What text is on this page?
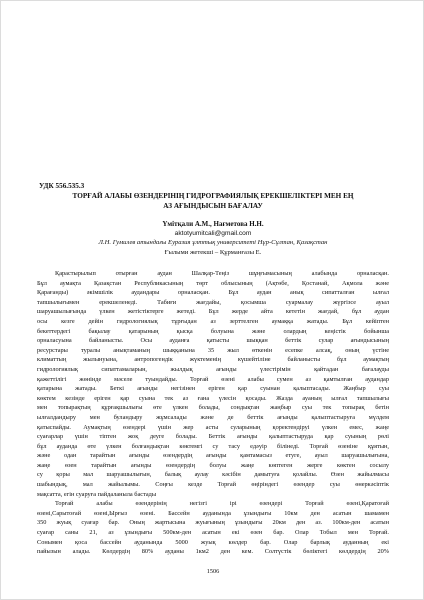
УДК 556.535.3
ТОРҒАЙ АЛАБЫ ӨЗЕНДЕРІНІҢ ГИДРОГРАФИЯЛЫҚ ЕРЕКШЕЛІКТЕРІ МЕН ЕҢ
АЗ АҒЫНДЫСЫН БАҒАЛАУ
Үмітқали А.М., Нағметова Н.Н.
aktotyumitcali@gmail.com
Л.Н. Гумилев атындағы Еуразия ұлттық университеті Нұр-Сұлтан, Қазақстан
Ғылыми жетекші – Құрманғазы Е.
Қарастырылып отырған аудан Шалқар-Теңіз шұңғымасының алабында орналасқан.
Бұл аумақта Қазақстан Республикасының төрт облысының (Ақтөбе, Қостанай, Ақмола және
Қарағанды) әкімшілік аудандары орналасқан. Бұл аудан анық сипатталған ылғал
тапшылығымен ерекшеленеді. Табиғи жағдайы, қосымша суармалау жүргізсе ауыл
шаруашылығында үлкен жетістіктерге жетеді. Бұл жерде айта кететін жағдай, бұл аудан
осы кезге дейін гидрологиялық тұрғыдан аз зерттелген аумаққа жатады. Бұл кейіптен
бекеттердегі бақылау қатарының қысқа болуына және олардың кеңістік бойынша
орналасуына байланысты. Осы ауданға қатысты шыққан беттік сулар ағындысының
ресурстары туралы анықтаманың шыққанына 35 жыл өткенін есепке алсақ, оның үстіне
климаттың жылынуына, антропогендік жүктеменің күшейтіліне байланысты бұл аумақтың
гидрологиялық сипаттамаларын, жылдық ағынды үлестірімін қайтадан бағалауды
қажеттілігі жөнінде мәселе туындайды. Торғай өзені алабы сумен аз қамтылған аудандар
қатарына жатады. Беткі ағынды негізінен еріген қар суынан қалыптасады. Жаңбыр суы
көктем кезінде еріген қар суына тек аз ғана үлесін қосады. Жазда ауаның ылғал тапшылығы
мен топырақтың құрғақшылығы өте үлкен болады, сондықтан жаңбыр суы тек топырақ бетін
ылғалдандыру мен буландыру жұмсалады және де беттік ағынды қалыптастыруға мүлдем
қатыспайды. Аумақтың өзендері үшін жер асты суларының қоректендіруі үлкен емес, жаңе
суағарлар үшін тіптен жоқ деуге болады. Беттік ағынды қалыптастыруда қар суының рөлі
бұл ауданда өте үлкен болғандықтан көктемгі су тасу едәуір білінеді. Торғай өзеніне құятын,
және одан тарайтын ағынды өзендердің ағынды қамтамасыз етуге, ауыл шаруашылығына,
жаңе өзен тарайтын ағынды өзендердің болуы жаңе көптеген жерге көктен сосылу
су қоры мал шаруашылығын, балық аулау кәсібін дамытуға қолайлы. Өзен жайылмасы
шабындық, мал жайылымы. Соңғы кезде Торғай өңіріндегі өзендер суы өнеркәсіптік
мақсатта, егін суаруға пайдаланыла бастады
Торғай алабы өзендерінің негізгі ірі өзендері Торғай өзені,Қаратоғай
өзені,Сарытоғай өзені,Ырғыз өзені. Бассейн ауданында ұзындығы 10км ден асатын шамамен
350 жуық суағар бар. Оның жартысына жуығының ұзындығы 20км ден аз. 100км-ден асатын
суағар саны 21, аз ұзындығы 500км-ден асатын екі өзен бар. Олар Тобыл мен Торғай.
Сонымен қоса бассейн ауданында 5000 жуық көлдер бар. Олар барлық ауданның екі
пайызын алады. Көлдердің 80% ауданы 1км2 ден кем. Солтүстік бөліктегі көлдердің 20%
1506
